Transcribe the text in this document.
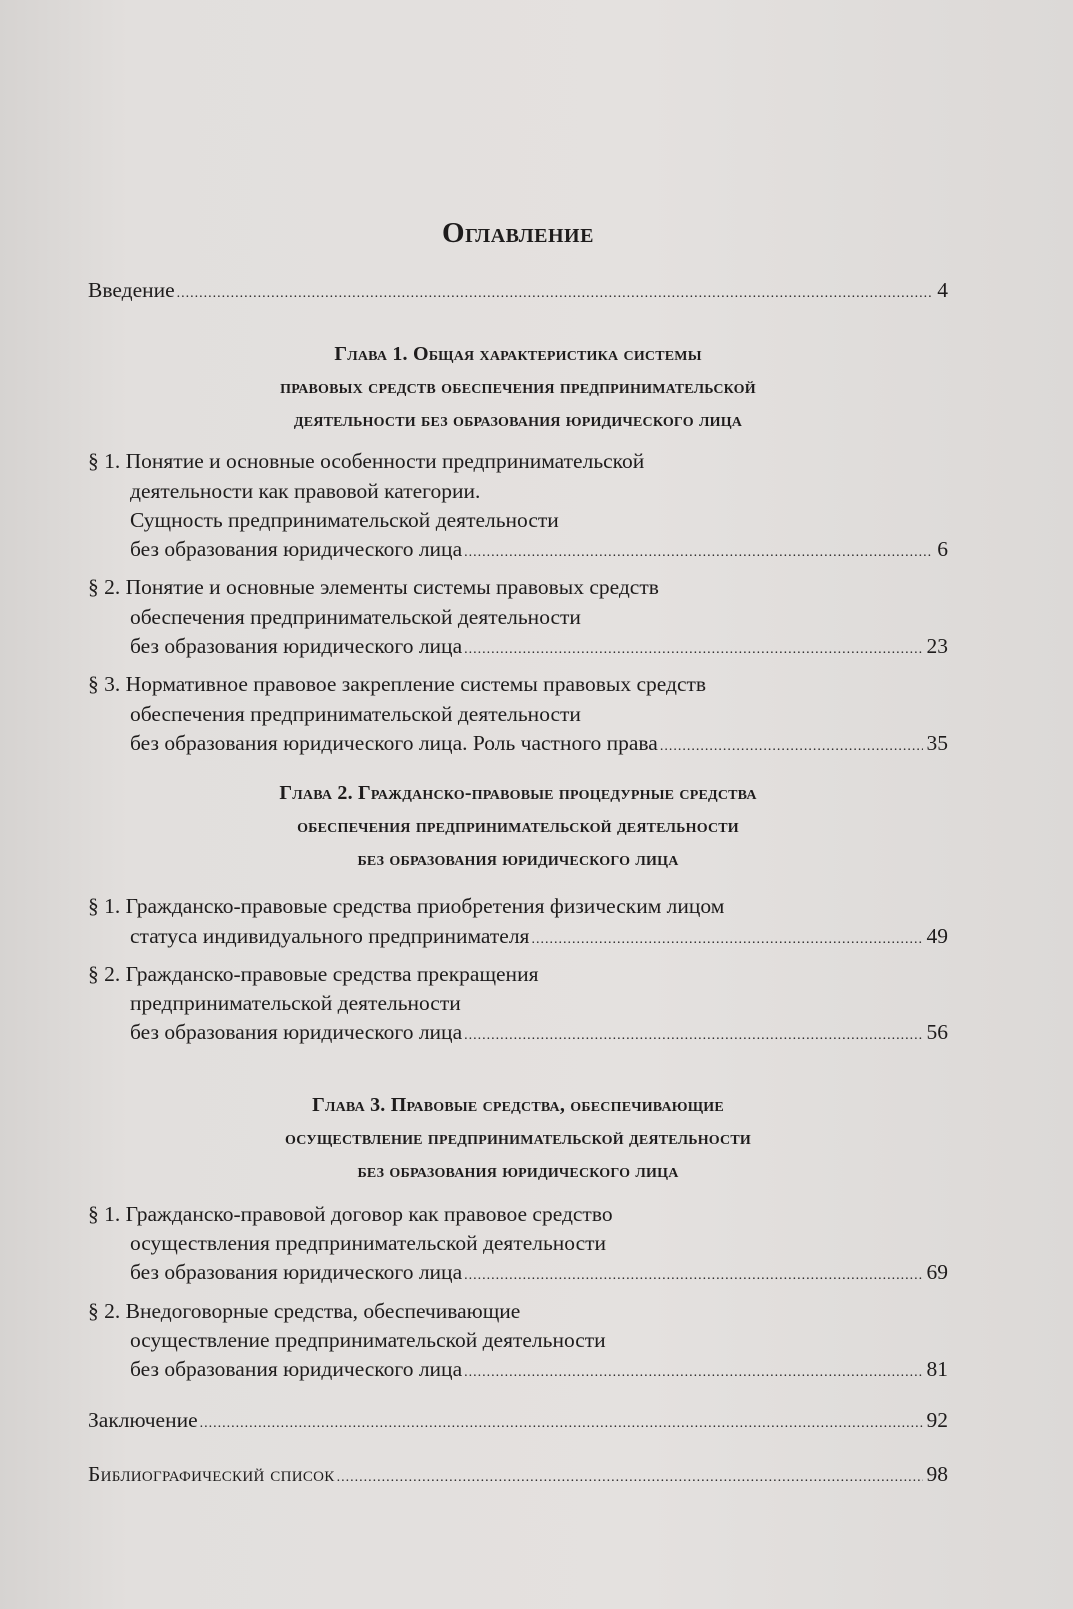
Оглавление
Введение .....	4
Глава 1. Общая характеристика системы
правовых средств обеспечения предпринимательской
деятельности без образования юридического лица
§ 1. Понятие и основные особенности предпринимательской
деятельности как правовой категории.
Сущность предпринимательской деятельности
без образования юридического лица .....	6
§ 2. Понятие и основные элементы системы правовых средств
обеспечения предпринимательской деятельности
без образования юридического лица .....	23
§ 3. Нормативное правовое закрепление системы правовых средств
обеспечения предпринимательской деятельности
без образования юридического лица. Роль частного права .....	35
Глава 2. Гражданско-правовые процедурные средства
обеспечения предпринимательской деятельности
без образования юридического лица
§ 1. Гражданско-правовые средства приобретения физическим лицом
статуса индивидуального предпринимателя .....	49
§ 2. Гражданско-правовые средства прекращения
предпринимательской деятельности
без образования юридического лица .....	56
Глава 3. Правовые средства, обеспечивающие
осуществление предпринимательской деятельности
без образования юридического лица
§ 1. Гражданско-правовой договор как правовое средство
осуществления предпринимательской деятельности
без образования юридического лица .....	69
§ 2. Внедоговорные средства, обеспечивающие
осуществление предпринимательской деятельности
без образования юридического лица .....	81
Заключение .....	92
Библиографический список .....	98
